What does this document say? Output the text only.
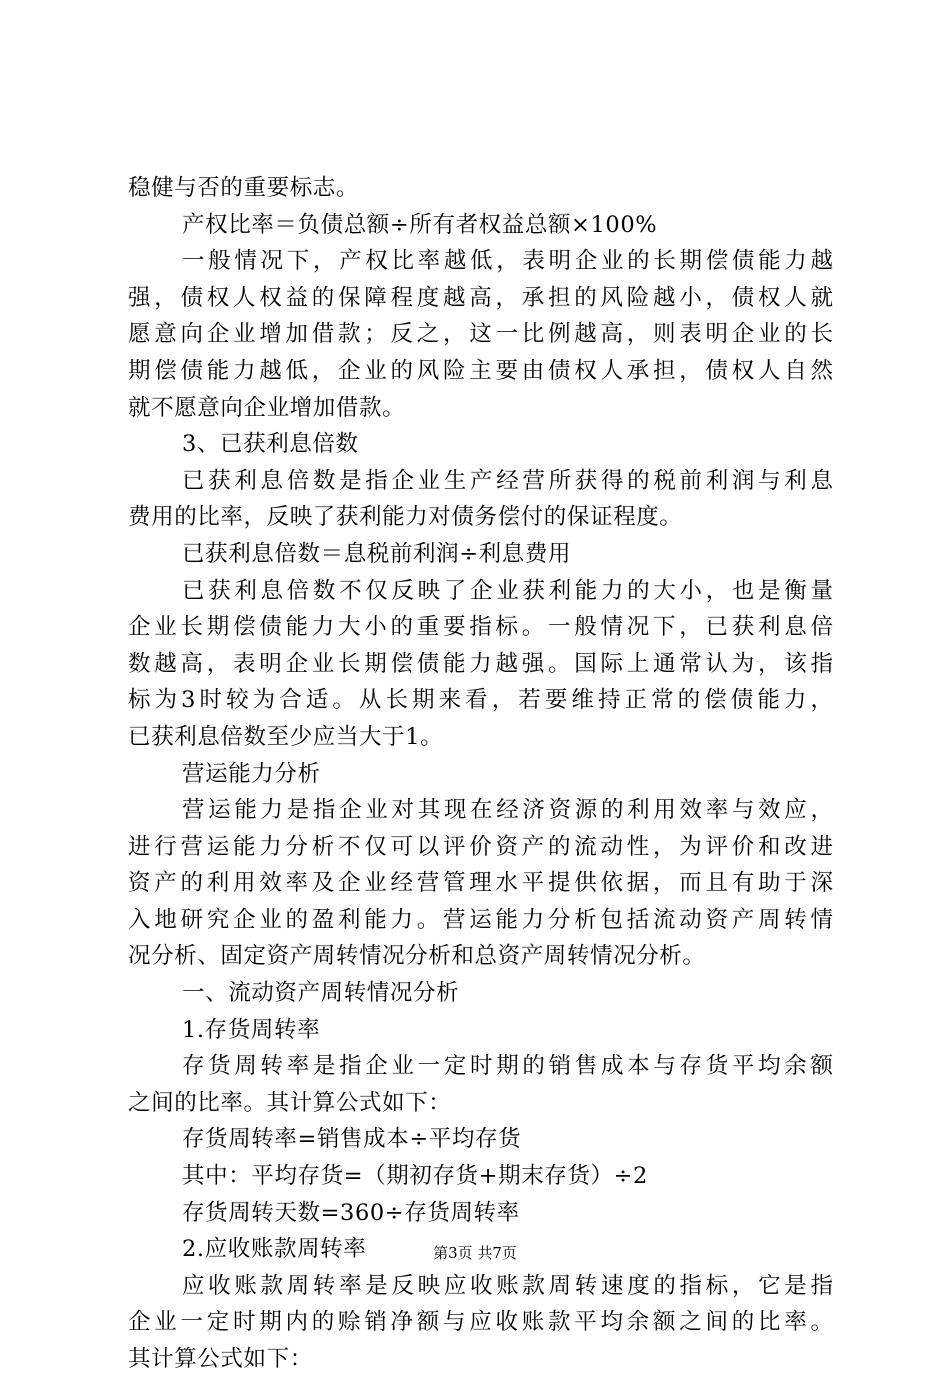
稳健与否的重要标志。
产权比率＝负债总额÷所有者权益总额×100%
一般情况下，产权比率越低，表明企业的长期偿债能力越
强，债权人权益的保障程度越高，承担的风险越小，债权人就
愿意向企业增加借款；反之，这一比例越高，则表明企业的长
期偿债能力越低，企业的风险主要由债权人承担，债权人自然
就不愿意向企业增加借款。
3、已获利息倍数
已获利息倍数是指企业生产经营所获得的税前利润与利息
费用的比率，反映了获利能力对债务偿付的保证程度。
已获利息倍数＝息税前利润÷利息费用
已获利息倍数不仅反映了企业获利能力的大小，也是衡量
企业长期偿债能力大小的重要指标。一般情况下，已获利息倍
数越高，表明企业长期偿债能力越强。国际上通常认为，该指
标为3时较为合适。从长期来看，若要维持正常的偿债能力，
已获利息倍数至少应当大于1。
营运能力分析
营运能力是指企业对其现在经济资源的利用效率与效应，
进行营运能力分析不仅可以评价资产的流动性，为评价和改进
资产的利用效率及企业经营管理水平提供依据，而且有助于深
入地研究企业的盈利能力。营运能力分析包括流动资产周转情
况分析、固定资产周转情况分析和总资产周转情况分析。
一、流动资产周转情况分析
1.存货周转率
存货周转率是指企业一定时期的销售成本与存货平均余额
之间的比率。其计算公式如下：
存货周转率=销售成本÷平均存货
其中：平均存货=（期初存货+期末存货）÷2
存货周转天数=360÷存货周转率
2.应收账款周转率
应收账款周转率是反映应收账款周转速度的指标，它是指
企业一定时期内的赊销净额与应收账款平均余额之间的比率。
其计算公式如下：
第3页 共7页
